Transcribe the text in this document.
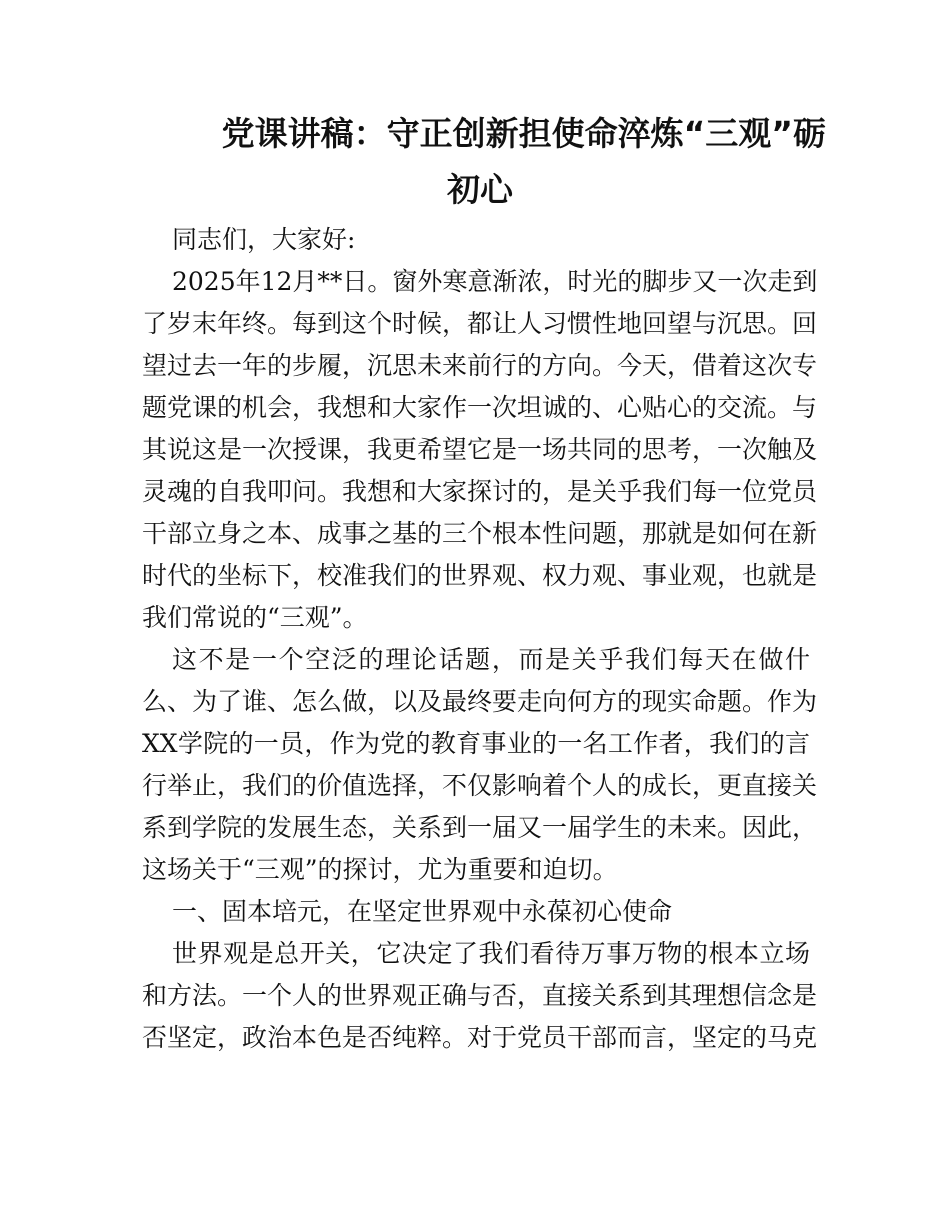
党课讲稿：守正创新担使命淬炼“三观”砺
初心
同志们，大家好:
2025年12月**日。窗外寒意渐浓，时光的脚步又一次走到
了岁末年终。每到这个时候，都让人习惯性地回望与沉思。回
望过去一年的步履，沉思未来前行的方向。今天，借着这次专
题党课的机会，我想和大家作一次坦诚的、心贴心的交流。与
其说这是一次授课，我更希望它是一场共同的思考，一次触及
灵魂的自我叩问。我想和大家探讨的，是关乎我们每一位党员
干部立身之本、成事之基的三个根本性问题，那就是如何在新
时代的坐标下，校准我们的世界观、权力观、事业观，也就是
我们常说的“三观”。
这不是一个空泛的理论话题，而是关乎我们每天在做什
么、为了谁、怎么做，以及最终要走向何方的现实命题。作为
XX学院的一员，作为党的教育事业的一名工作者，我们的言
行举止，我们的价值选择，不仅影响着个人的成长，更直接关
系到学院的发展生态，关系到一届又一届学生的未来。因此，
这场关于“三观”的探讨，尤为重要和迫切。
一、固本培元，在坚定世界观中永葆初心使命
世界观是总开关，它决定了我们看待万事万物的根本立场
和方法。一个人的世界观正确与否，直接关系到其理想信念是
否坚定，政治本色是否纯粹。对于党员干部而言，坚定的马克
